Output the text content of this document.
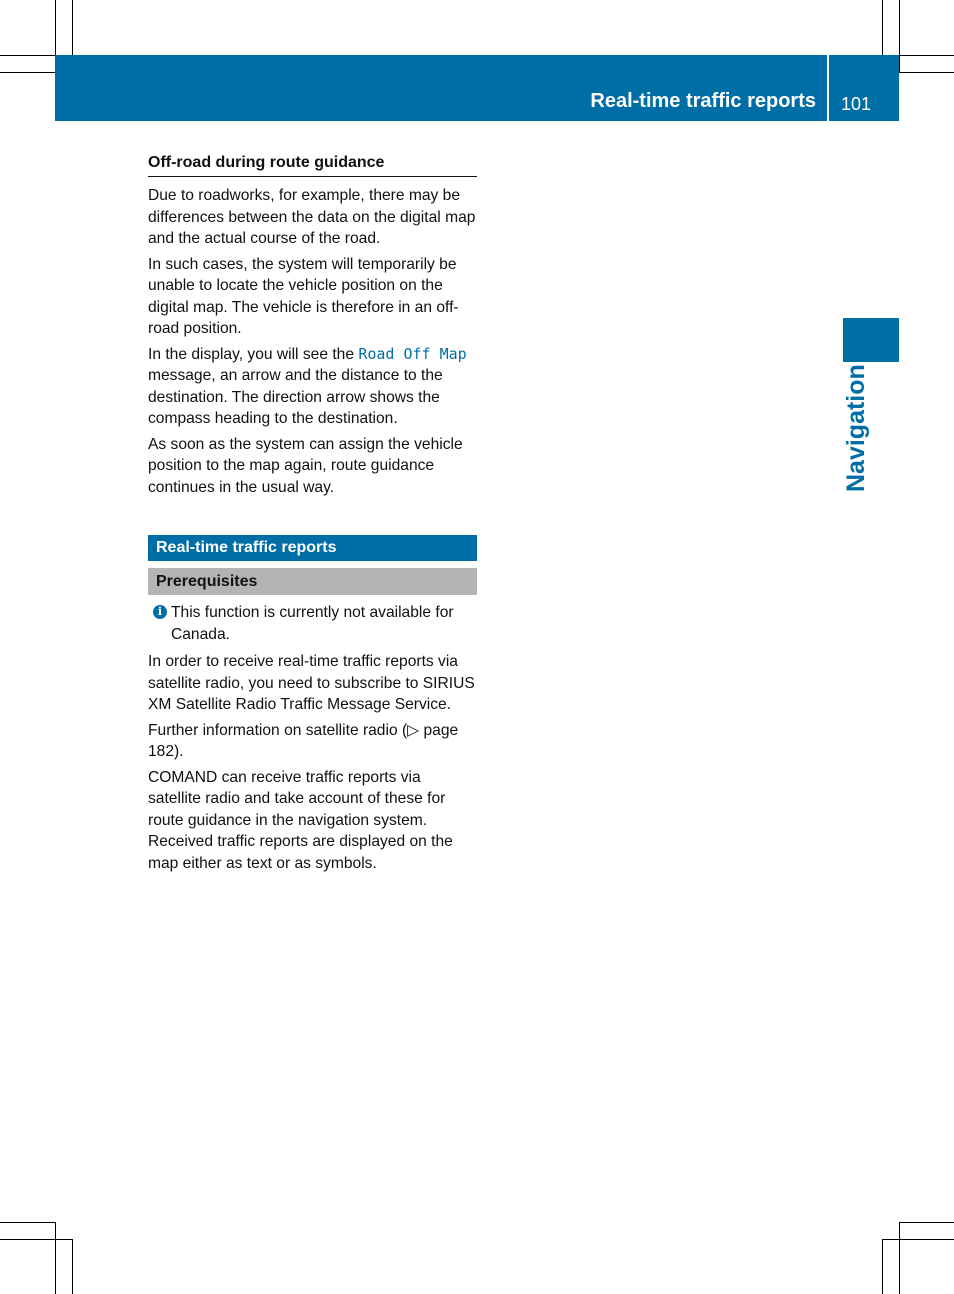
Real-time traffic reports 101
Navigation
Off-road during route guidance

Due to roadworks, for example, there may be differences between the data on the digital map and the actual course of the road.

In such cases, the system will temporarily be unable to locate the vehicle position on the digital map. The vehicle is therefore in an off-road position.

In the display, you will see the Road Off Map message, an arrow and the distance to the destination. The direction arrow shows the compass heading to the destination.

As soon as the system can assign the vehicle position to the map again, route guidance continues in the usual way.

Real-time traffic reports
Prerequisites
i This function is currently not available for Canada.

In order to receive real-time traffic reports via satellite radio, you need to subscribe to SIRIUS XM Satellite Radio Traffic Message Service.

Further information on satellite radio (▷ page 182).

COMAND can receive traffic reports via satellite radio and take account of these for route guidance in the navigation system. Received traffic reports are displayed on the map either as text or as symbols.
